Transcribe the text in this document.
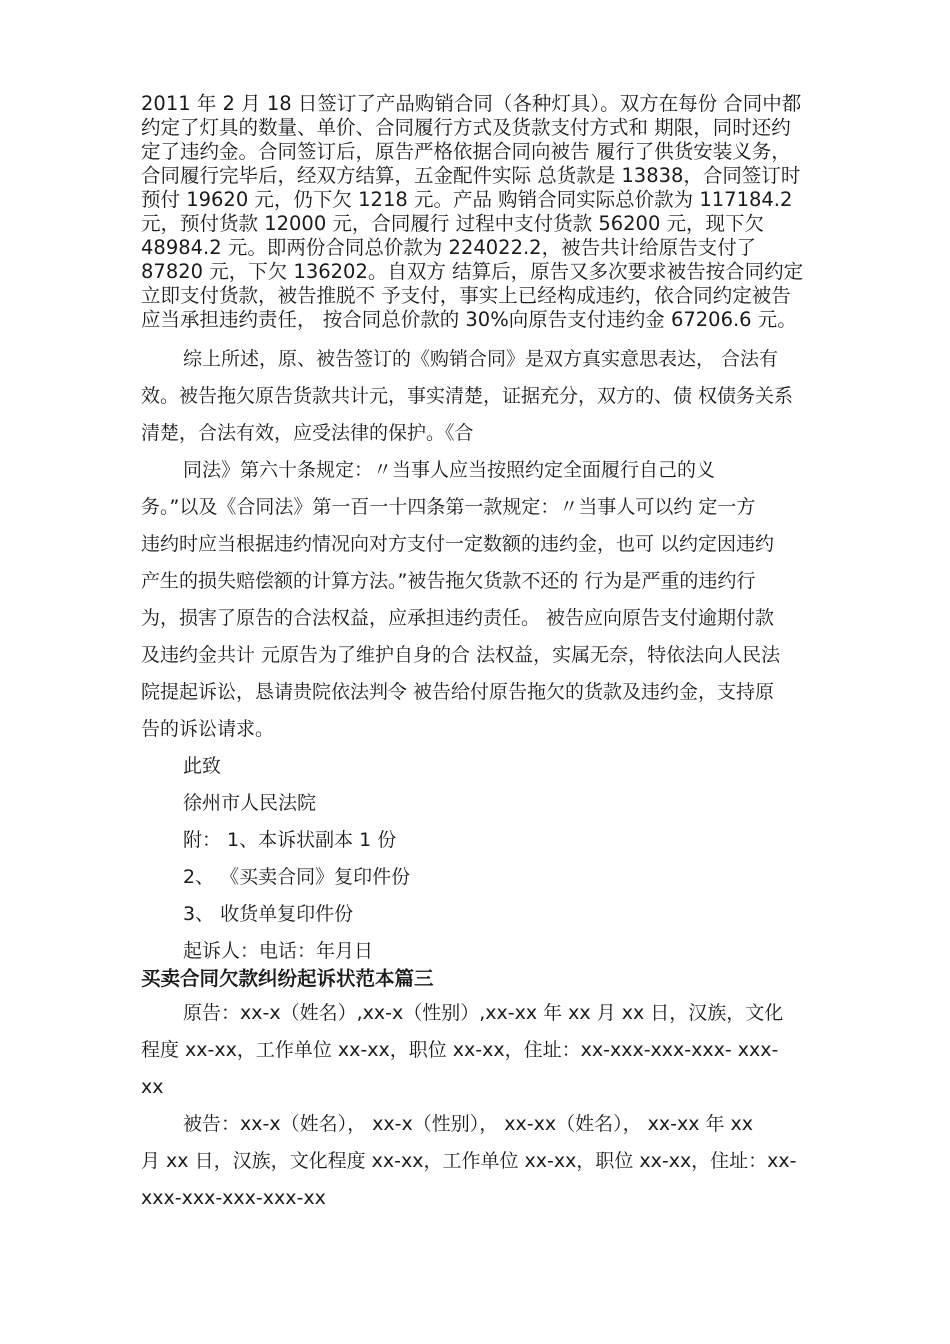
2011 年 2 月 18 日签订了产品购销合同（各种灯具）。双方在每份 合同中都
约定了灯具的数量、单价、合同履行方式及货款支付方式和 期限，同时还约
定了违约金。合同签订后，原告严格依据合同向被告 履行了供货安装义务，
合同履行完毕后，经双方结算，五金配件实际 总货款是 13838，合同签订时
预付 19620 元，仍下欠 1218 元。产品 购销合同实际总价款为 117184.2
元，预付货款 12000 元，合同履行 过程中支付货款 56200 元，现下欠
48984.2 元。即两份合同总价款为 224022.2，被告共计给原告支付了
87820 元，下欠 136202。自双方 结算后，原告又多次要求被告按合同约定
立即支付货款，被告推脱不 予支付，事实上已经构成违约，依合同约定被告
应当承担违约责任， 按合同总价款的 30%向原告支付违约金 67206.6 元。
综上所述，原、被告签订的《购销合同》是双方真实意思表达， 合法有
效。被告拖欠原告货款共计元，事实清楚，证据充分，双方的、债 权债务关系
清楚，合法有效，应受法律的保护。《合
同法》第六十条规定：〃当事人应当按照约定全面履行自己的义
务。”以及《合同法》第一百一十四条第一款规定：〃当事人可以约 定一方
违约时应当根据违约情况向对方支付一定数额的违约金，也可 以约定因违约
产生的损失赔偿额的计算方法。”被告拖欠货款不还的 行为是严重的违约行
为，损害了原告的合法权益，应承担违约责任。 被告应向原告支付逾期付款
及违约金共计 元原告为了维护自身的合 法权益，实属无奈，特依法向人民法
院提起诉讼，恳请贵院依法判令 被告给付原告拖欠的货款及违约金，支持原
告的诉讼请求。
此致
徐州市人民法院
附： 1、本诉状副本 1 份
2、 《买卖合同》复印件份
3、 收货单复印件份
起诉人：电话：年月日
买卖合同欠款纠纷起诉状范本篇三
原告：xx-x（姓名）,xx-x（性别）,xx-xx 年 xx 月 xx 日，汉族，文化
程度 xx-xx，工作单位 xx-xx，职位 xx-xx，住址：xx-xxx-xxx-xxx- xxx-
xx
被告：xx-x（姓名）， xx-x（性别）， xx-xx（姓名）， xx-xx 年 xx
月 xx 日，汉族，文化程度 xx-xx，工作单位 xx-xx，职位 xx-xx，住址：xx-
xxx-xxx-xxx-xxx-xx
